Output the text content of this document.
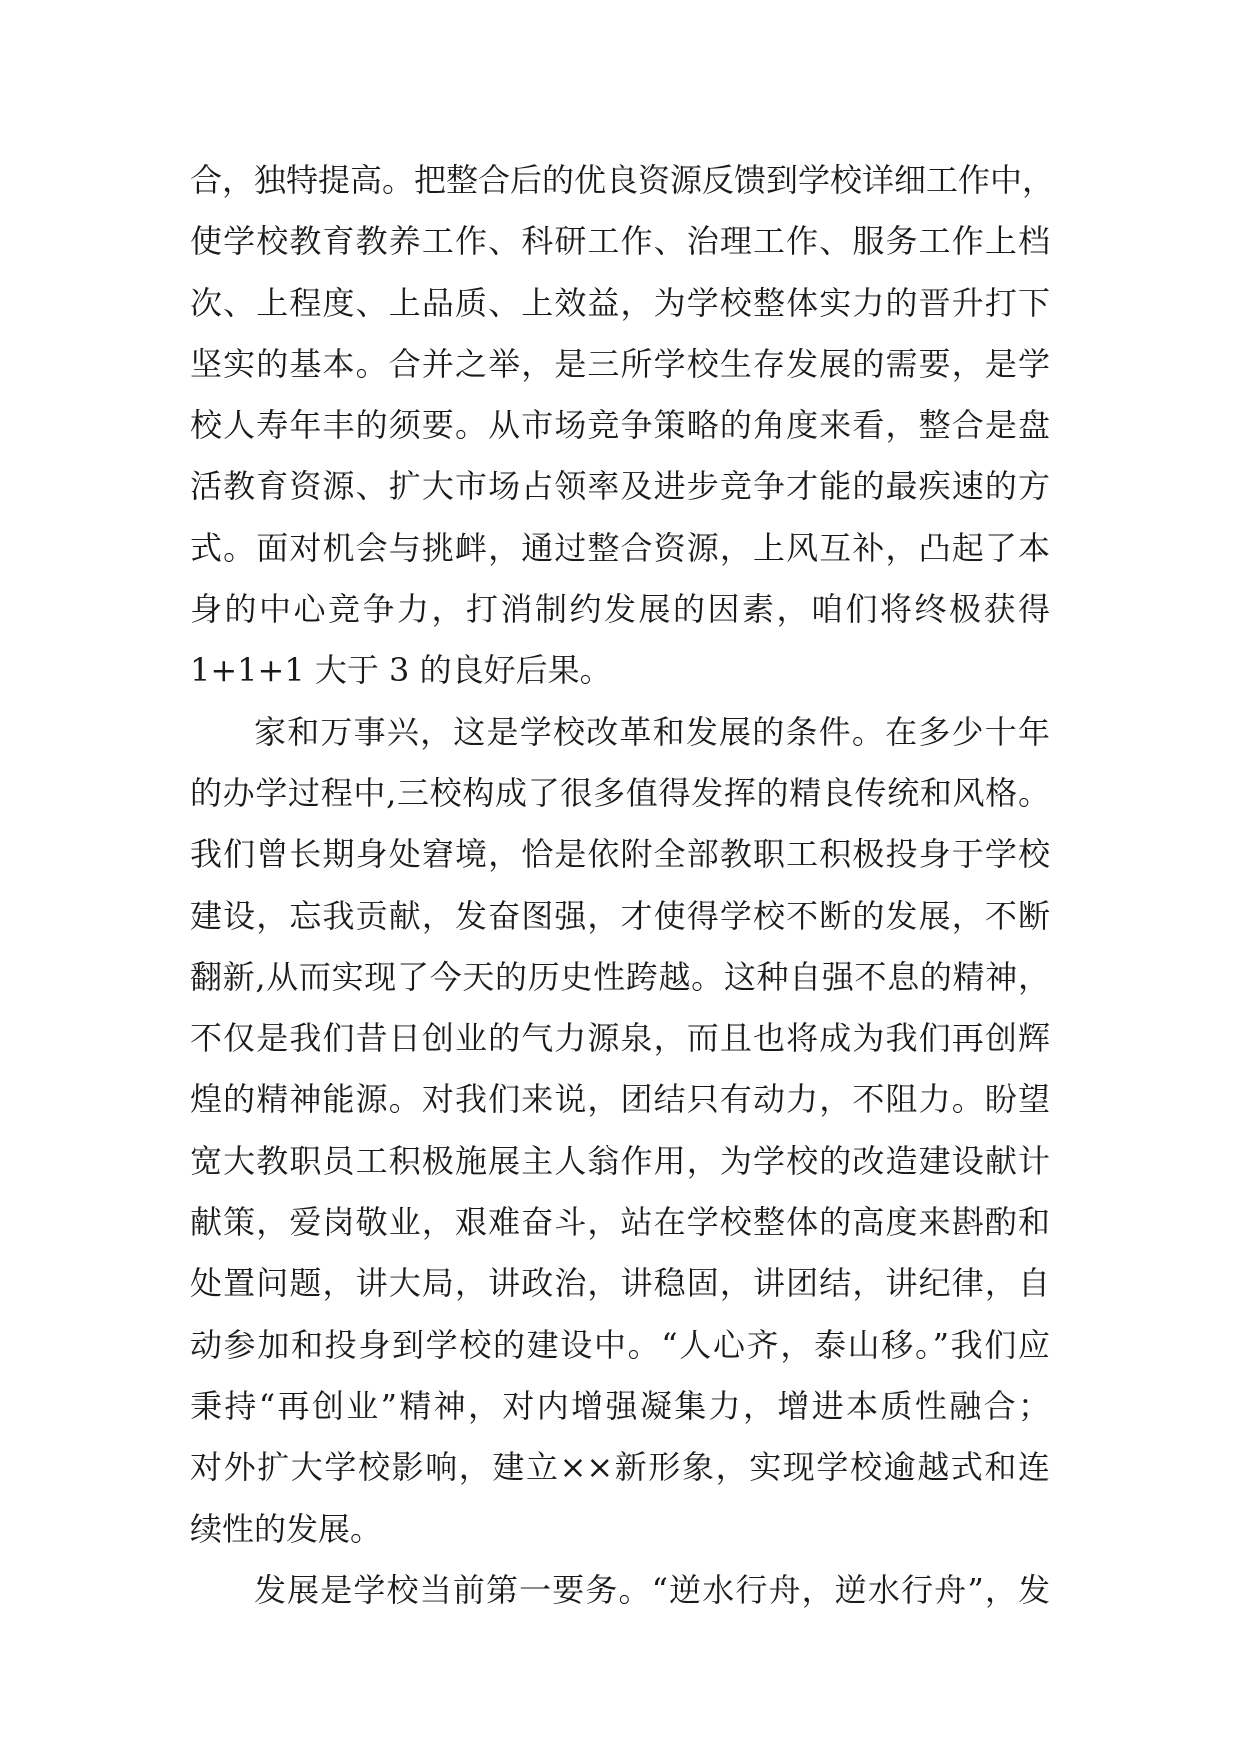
合，独特提高。把整合后的优良资源反馈到学校详细工作中，
使学校教育教养工作、科研工作、治理工作、服务工作上档
次、上程度、上品质、上效益，为学校整体实力的晋升打下
坚实的基本。合并之举，是三所学校生存发展的需要，是学
校人寿年丰的须要。从市场竞争策略的角度来看，整合是盘
活教育资源、扩大市场占领率及进步竞争才能的最疾速的方
式。面对机会与挑衅，通过整合资源，上风互补，凸起了本
身的中心竞争力，打消制约发展的因素，咱们将终极获得
1+1+1 大于 3 的良好后果。
家和万事兴，这是学校改革和发展的条件。在多少十年
的办学过程中,三校构成了很多值得发挥的精良传统和风格。
我们曾长期身处窘境，恰是依附全部教职工积极投身于学校
建设，忘我贡献，发奋图强，才使得学校不断的发展，不断
翻新,从而实现了今天的历史性跨越。这种自强不息的精神，
不仅是我们昔日创业的气力源泉，而且也将成为我们再创辉
煌的精神能源。对我们来说，团结只有动力，不阻力。盼望
宽大教职员工积极施展主人翁作用，为学校的改造建设献计
献策，爱岗敬业，艰难奋斗，站在学校整体的高度来斟酌和
处置问题，讲大局，讲政治，讲稳固，讲团结，讲纪律，自
动参加和投身到学校的建设中。“人心齐，泰山移。”我们应
秉持“再创业”精神，对内增强凝集力，增进本质性融合；
对外扩大学校影响，建立××新形象，实现学校逾越式和连
续性的发展。
发展是学校当前第一要务。“逆水行舟，逆水行舟”，发
